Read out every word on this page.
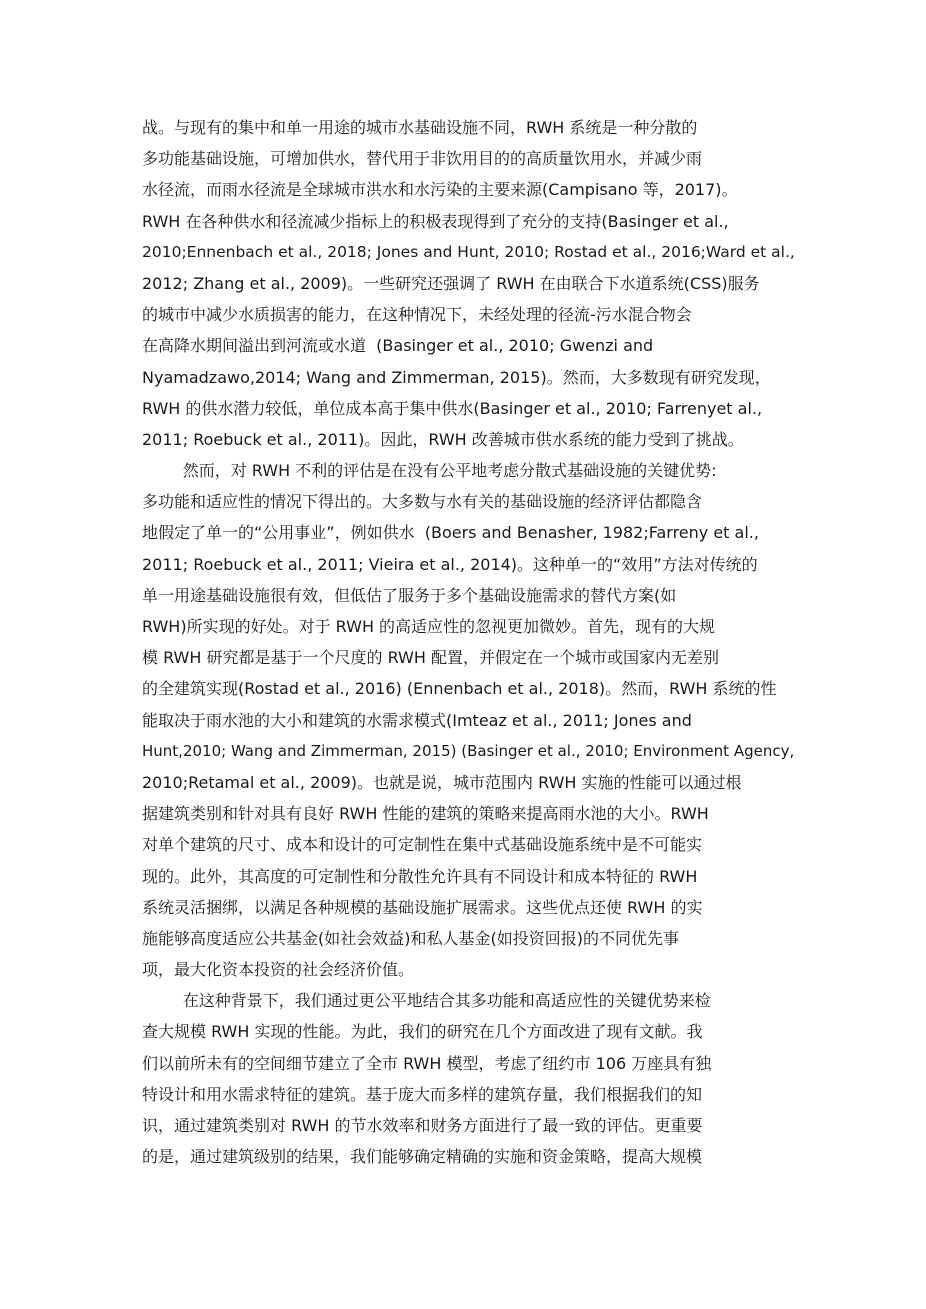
战。与现有的集中和单一用途的城市水基础设施不同，RWH 系统是一种分散的
多功能基础设施，可增加供水，替代用于非饮用目的的高质量饮用水，并减少雨
水径流，而雨水径流是全球城市洪水和水污染的主要来源(Campisano 等，2017)。
RWH 在各种供水和径流减少指标上的积极表现得到了充分的支持(Basinger et al.,
2010;Ennenbach et al., 2018; Jones and Hunt, 2010; Rostad et al., 2016;Ward et al.,
2012; Zhang et al., 2009)。一些研究还强调了 RWH 在由联合下水道系统(CSS)服务
的城市中减少水质损害的能力，在这种情况下，未经处理的径流-污水混合物会
在高降水期间溢出到河流或水道  (Basinger et al., 2010; Gwenzi and
Nyamadzawo,2014; Wang and Zimmerman, 2015)。然而，大多数现有研究发现，
RWH 的供水潜力较低，单位成本高于集中供水(Basinger et al., 2010; Farrenyet al.,
2011; Roebuck et al., 2011)。因此，RWH 改善城市供水系统的能力受到了挑战。
然而，对 RWH 不利的评估是在没有公平地考虑分散式基础设施的关键优势:
多功能和适应性的情况下得出的。大多数与水有关的基础设施的经济评估都隐含
地假定了单一的“公用事业”，例如供水  (Boers and Benasher, 1982;Farreny et al.,
2011; Roebuck et al., 2011; Vieira et al., 2014)。这种单一的“效用”方法对传统的
单一用途基础设施很有效，但低估了服务于多个基础设施需求的替代方案(如
RWH)所实现的好处。对于 RWH 的高适应性的忽视更加微妙。首先，现有的大规
模 RWH 研究都是基于一个尺度的 RWH 配置，并假定在一个城市或国家内无差别
的全建筑实现(Rostad et al., 2016) (Ennenbach et al., 2018)。然而，RWH 系统的性
能取决于雨水池的大小和建筑的水需求模式(Imteaz et al., 2011; Jones and
Hunt,2010; Wang and Zimmerman, 2015) (Basinger et al., 2010; Environment Agency,
2010;Retamal et al., 2009)。也就是说，城市范围内 RWH 实施的性能可以通过根
据建筑类别和针对具有良好 RWH 性能的建筑的策略来提高雨水池的大小。RWH
对单个建筑的尺寸、成本和设计的可定制性在集中式基础设施系统中是不可能实
现的。此外，其高度的可定制性和分散性允许具有不同设计和成本特征的 RWH
系统灵活捆绑，以满足各种规模的基础设施扩展需求。这些优点还使 RWH 的实
施能够高度适应公共基金(如社会效益)和私人基金(如投资回报)的不同优先事
项，最大化资本投资的社会经济价值。
在这种背景下，我们通过更公平地结合其多功能和高适应性的关键优势来检
查大规模 RWH 实现的性能。为此，我们的研究在几个方面改进了现有文献。我
们以前所未有的空间细节建立了全市 RWH 模型，考虑了纽约市 106 万座具有独
特设计和用水需求特征的建筑。基于庞大而多样的建筑存量，我们根据我们的知
识，通过建筑类别对 RWH 的节水效率和财务方面进行了最一致的评估。更重要
的是，通过建筑级别的结果，我们能够确定精确的实施和资金策略，提高大规模
